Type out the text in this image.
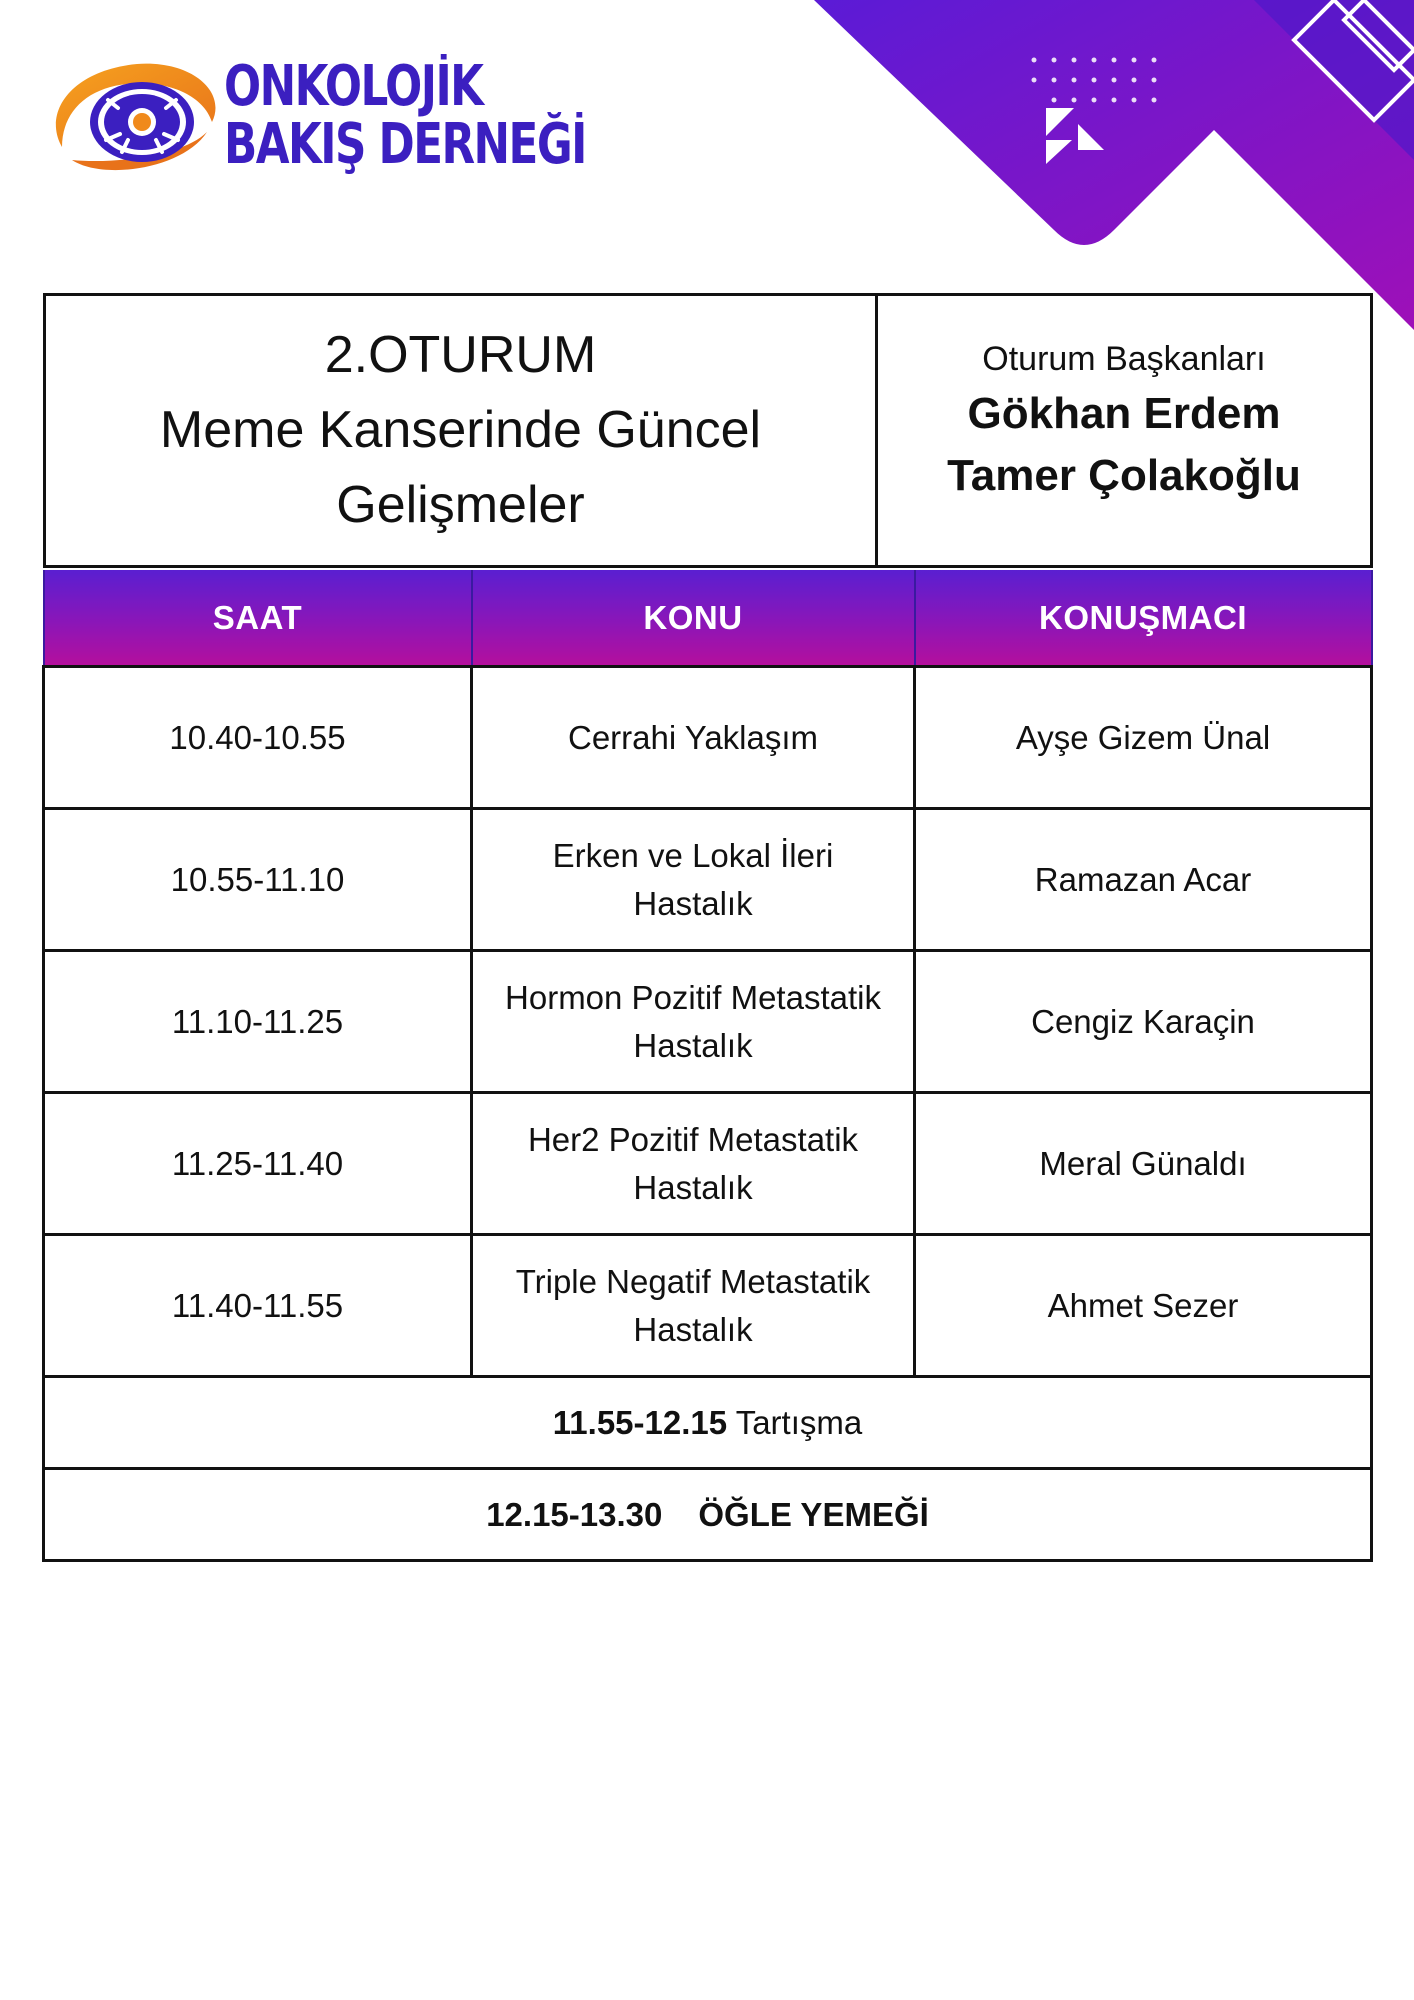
ONKOLOJİK
BAKIŞ DERNEĞİ
2.OTURUM
Meme Kanserinde Güncel
Gelişmeler
Oturum Başkanları
Gökhan Erdem
Tamer Çolakoğlu
SAAT	KONU	KONUŞMACI
10.40-10.55	Cerrahi Yaklaşım	Ayşe Gizem Ünal
10.55-11.10	Erken ve Lokal İleri Hastalık	Ramazan Acar
11.10-11.25	Hormon Pozitif Metastatik Hastalık	Cengiz Karaçin
11.25-11.40	Her2 Pozitif Metastatik Hastalık	Meral Günaldı
11.40-11.55	Triple Negatif Metastatik Hastalık	Ahmet Sezer
11.55-12.15 Tartışma		
12.15-13.30 ÖĞLE YEMEĞİ		
